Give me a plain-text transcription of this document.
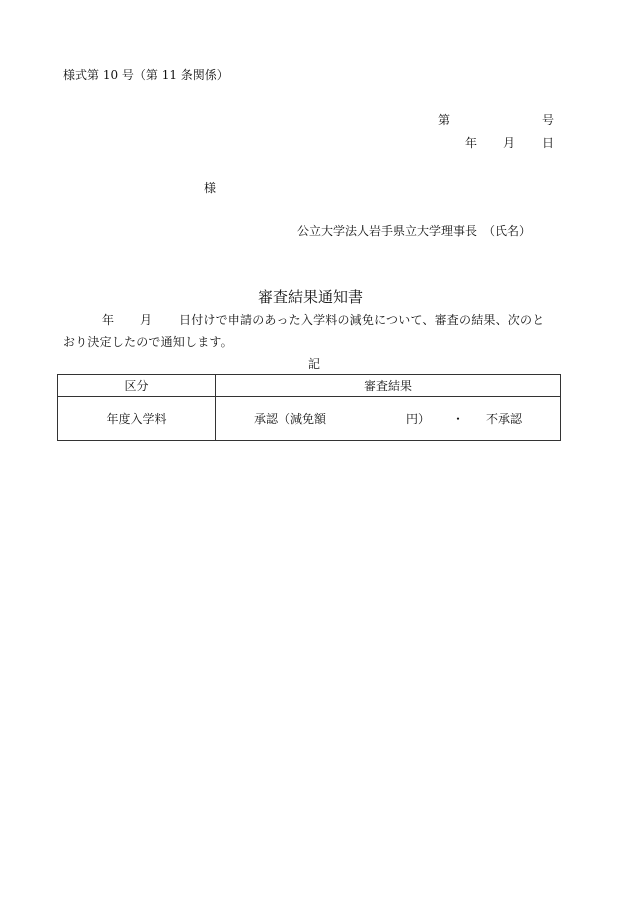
様式第 10 号（第 11 条関係）
第	号
年 月 日
様
公立大学法人岩手県立大学理事長　（氏名）
審査結果通知書
年 月 日付けで申請のあった入学料の減免について、審査の結果、次のと
おり決定したので通知します。
記
区分	審査結果
年度入学料	承認（減免額 円） ・ 不承認
